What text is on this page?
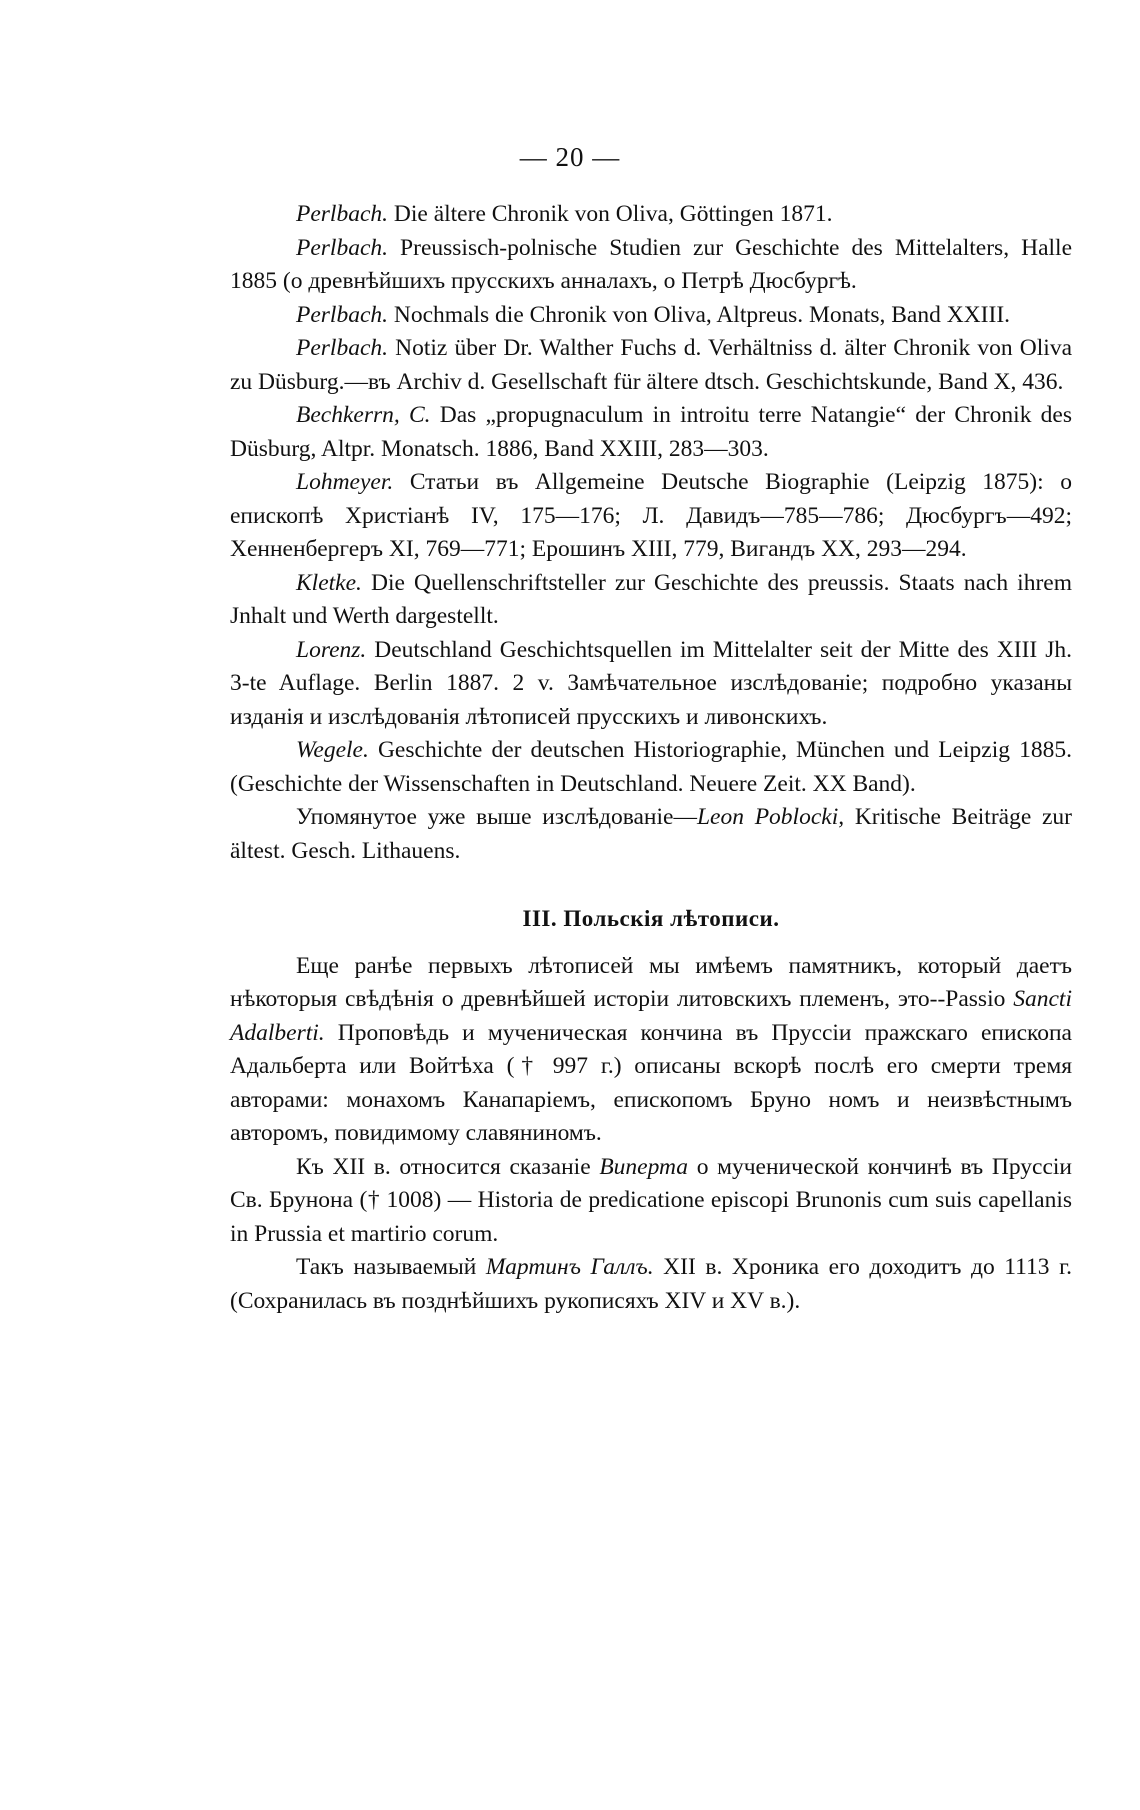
— 20 —

Perlbach. Die ältere Chronik von Oliva, Göttingen 1871.

Perlbach. Preussisch-polnische Studien zur Geschichte des Mittelalters, Halle 1885 (о древнѣйшихъ прусскихъ анналахъ, о Петрѣ Дюсбургѣ.

Perlbach. Nochmals die Chronik von Oliva, Altpreus. Monats, Band XXIII.

Perlbach. Notiz über Dr. Walther Fuchs d. Verhältniss d. älter Chronik von Oliva zu Düsburg.—въ Archiv d. Gesellschaft für ältere dtsch. Geschichtskunde, Band X, 436.

Bechkerrn, C. Das „propugnaculum in introitu terre Natangie“ der Chronik des Düsburg, Altpr. Monatsch. 1886, Band XXIII, 283—303.

Lohmeyer. Статьи въ Allgemeine Deutsche Biographie (Leipzig 1875): о епископѣ Христіанѣ IV, 175—176; Л. Давидъ—785—786; Дюсбургъ—492; Хенненбергеръ XI, 769—771; Ерошинъ XIII, 779, Вигандъ XX, 293—294.

Kletke. Die Quellenschriftsteller zur Geschichte des preussis. Staats nach ihrem Jnhalt und Werth dargestellt.

Lorenz. Deutschland Geschichtsquellen im Mittelalter seit der Mitte des XIII Jh. 3-te Auflage. Berlin 1887. 2 v. Замѣчательное изслѣдованіе; подробно указаны изданія и изслѣдованія лѣтописей прусскихъ и ливонскихъ.

Wegele. Geschichte der deutschen Historiographie, München und Leipzig 1885. (Geschichte der Wissenschaften in Deutschland. Neuere Zeit. XX Band).

Упомянутое уже выше изслѣдованіе—Leon Poblocki, Kritische Beiträge zur ältest. Gesch. Lithauens.

III. Польскія лѣтописи.

Еще ранѣе первыхъ лѣтописей мы имѣемъ памятникъ, который даетъ нѣкоторыя свѣдѣнія о древнѣйшей исторіи литовскихъ племенъ, это--Passio Sancti Adalberti. Проповѣдь и мученическая кончина въ Пруссіи пражскаго епископа Адальберта или Войтѣха († 997 г.) описаны вскорѣ послѣ его смерти тремя авторами: монахомъ Канапаріемъ, епископомъ Бруно номъ и неизвѣстнымъ авторомъ, повидимому славяниномъ.

Къ XII в. относится сказаніе Виперта о мученической кончинѣ въ Пруссіи Св. Брунона († 1008) — Historia de predicatione episcopi Brunonis cum suis capellanis in Prussia et martirio corum.

Такъ называемый Мартинъ Галлъ. XII в. Хроника его доходитъ до 1113 г. (Сохранилась въ позднѣйшихъ рукописяхъ XIV и XV в.).
